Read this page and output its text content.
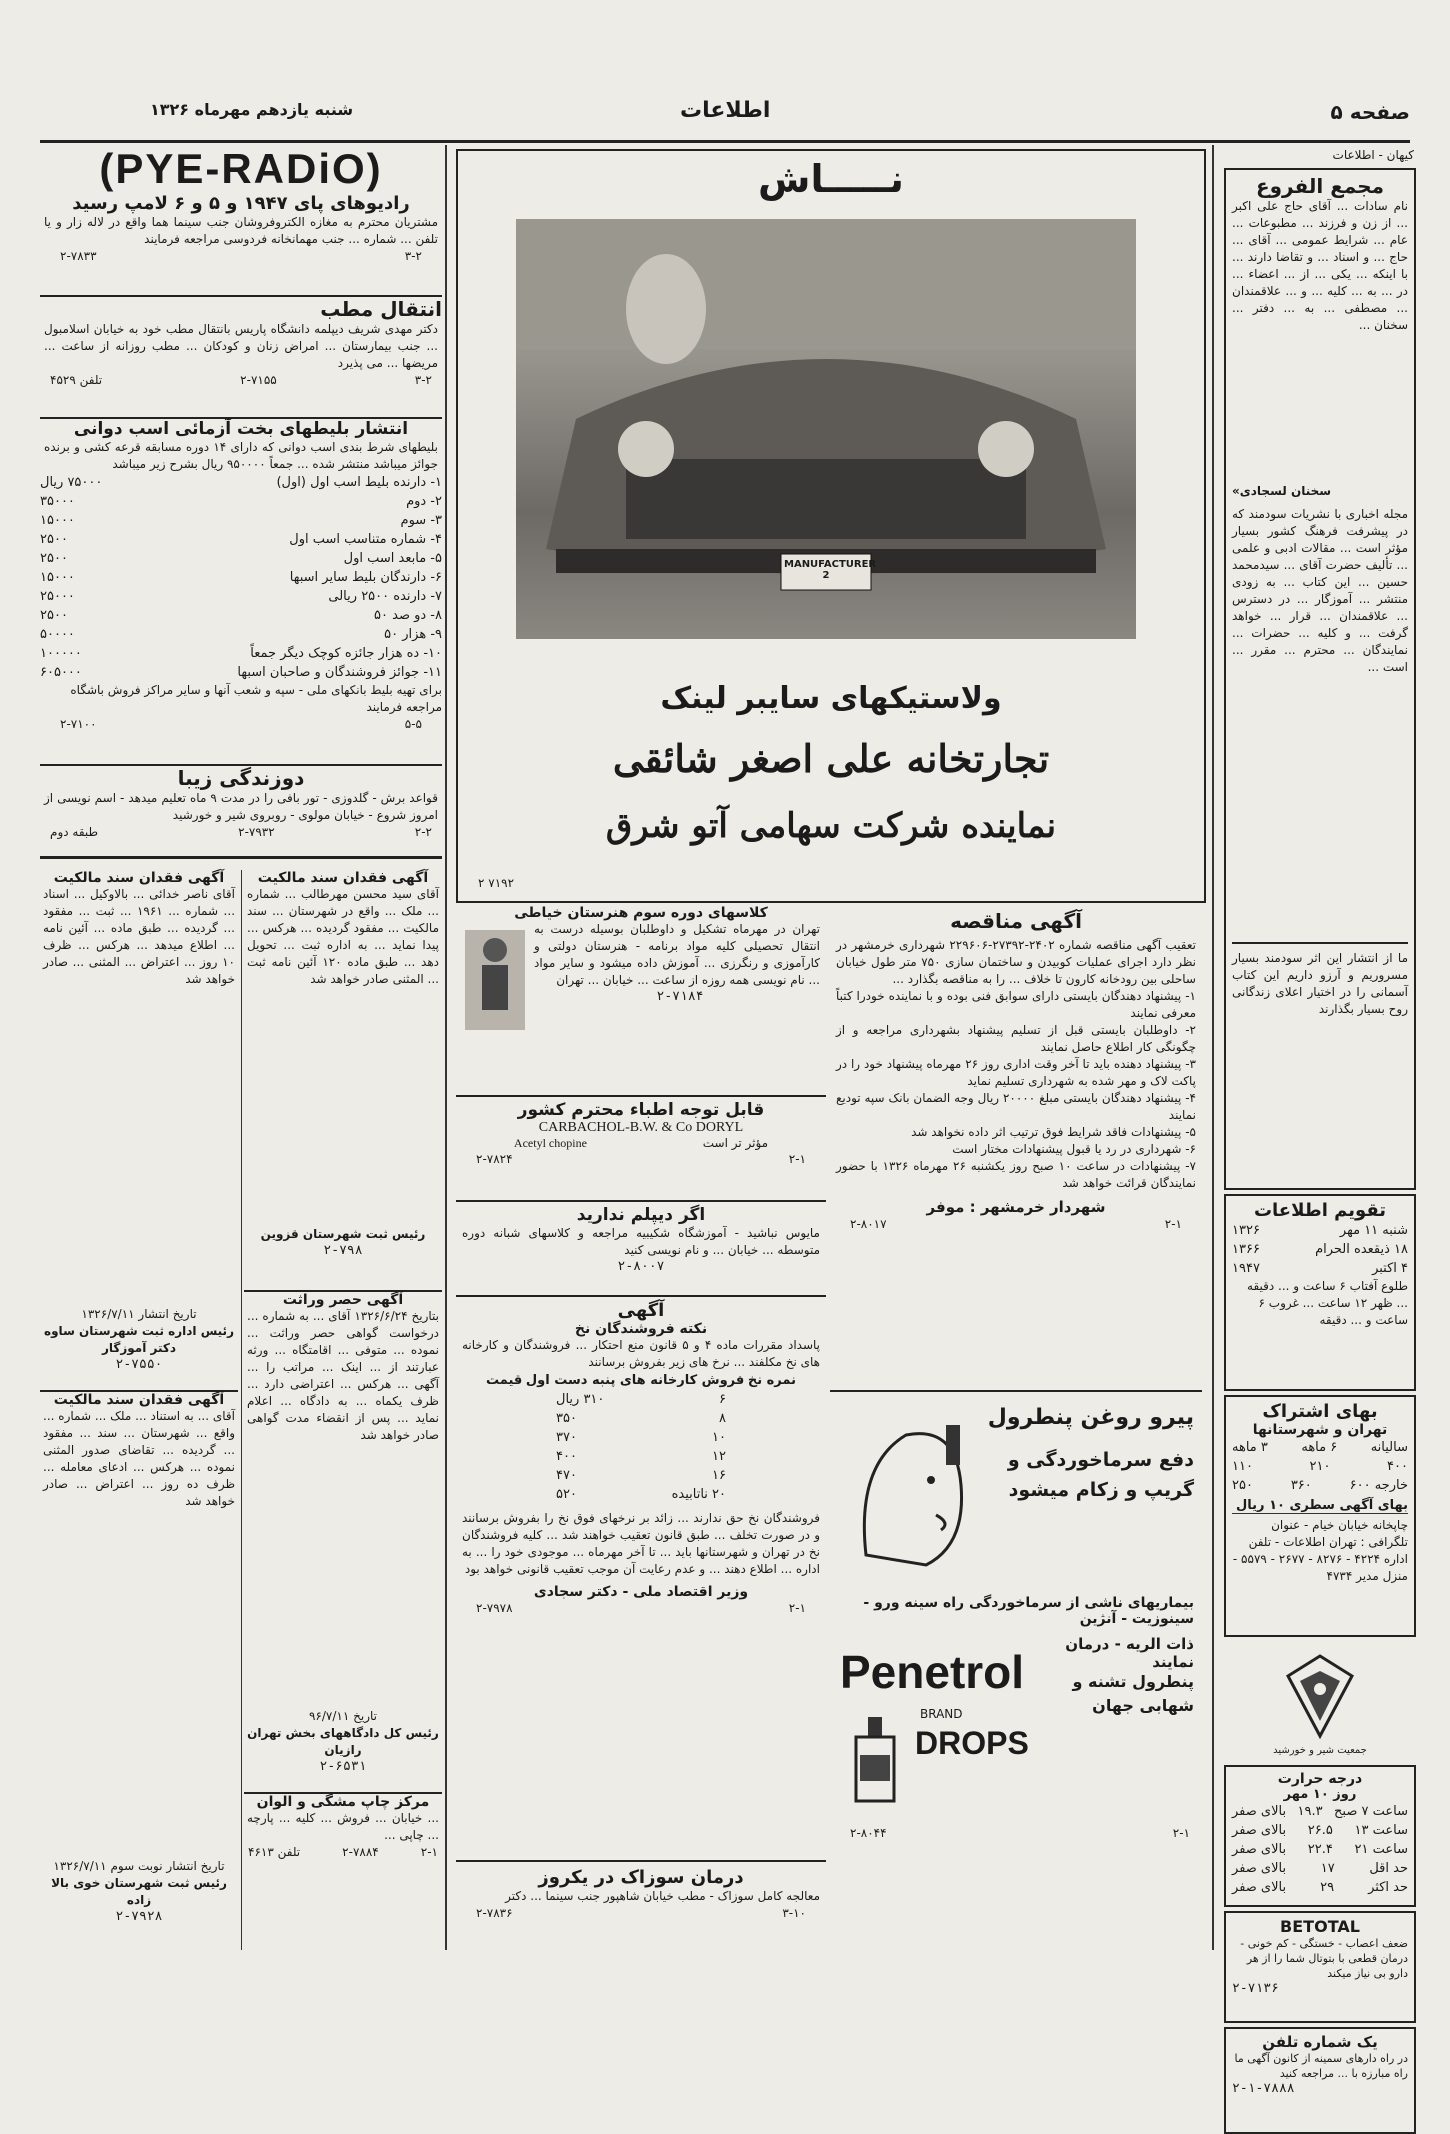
صفحه ۵
اطلاعات
شنبه یازدهم مهرماه ۱۳۲۶
کیهان - اطلاعات
مجمع الفروع
نام سادات ... آقای حاج علی اکبر ... از زن و فرزند ... مطبوعات ... عام ... شرایط عمومی ... آقای ... حاج ... و اسناد ... و تقاضا دارند ... با اینکه ... یکی ... از ... اعضاء ... در ... به ... کلیه ... و ... علاقمندان ... مصطفی ... به ... دفتر ... سخنان ...
سخنان لسجادی»
مجله اخباری با نشریات سودمند که در پیشرفت فرهنگ کشور بسیار مؤثر است ... مقالات ادبی و علمی ... تألیف حضرت آقای ... سیدمحمد حسین ... این کتاب ... به زودی منتشر ... آموزگار ... در دسترس ... علاقمندان ... قرار ... خواهد گرفت ... و کلیه ... حضرات ... نمایندگان ... محترم ... مقرر ... است ...
ما از انتشار این اثر سودمند بسیار مسروریم و آرزو داریم این کتاب آسمانی را در اختیار اعلای زندگانی روح بسیار بگذارند
تقویم اطلاعات
شنبه ۱۱ مهر
۱۳۲۶
۱۸ ذیقعده الحرام
۱۳۶۶
۴ اکتبر
۱۹۴۷
طلوع آفتاب ۶ ساعت و ... دقیقه ... ظهر ۱۲ ساعت ... غروب ۶ ساعت و ... دقیقه
بهای اشتراک
تهران و شهرستانها
سالیانه
۶ ماهه
۳ ماهه
۴۰۰
۲۱۰
۱۱۰
خارجه ۶۰۰
۳۶۰
۲۵۰
بهای آگهی سطری ۱۰ ریال
چاپخانه خیابان خیام - عنوان تلگرافی : تهران اطلاعات - تلفن اداره ۴۲۲۴ - ۸۲۷۶ - ۲۶۷۷ - ۵۵۷۹ - منزل مدیر ۴۷۳۴
جمعیت شیر و خورشید
درجه حرارت
روز ۱۰ مهر
ساعت ۷ صبح
۱۹.۳
بالای صفر
ساعت ۱۳
۲۶.۵
بالای صفر
ساعت ۲۱
۲۲.۴
بالای صفر
حد اقل
۱۷
بالای صفر
حد اکثر
۲۹
بالای صفر
BETOTAL
ضعف اعصاب - خستگی - کم خونی - درمان قطعی با بتوتال شما را از هر دارو بی نیاز میکند
۲-۷۱۳۶
یک شماره تلفن
در راه دارهای سمینه از کانون آگهی ما راه مبارزه با ... مراجعه کنید
۲-۱-۷۸۸۸
نـــــاش
MANUFACTURER 2
ولاستیکهای سایبر لینک
تجارتخانه علی اصغر شائقی
نماینده شرکت سهامی آتو شرق
۲ ۷۱۹۲
آگهی مناقصه
تعقیب آگهی مناقصه شماره ۲۴۰۲-۲۷۳۹۲-۲۲۹۶۰۶ شهرداری خرمشهر در نظر دارد اجرای عملیات کوبیدن و ساختمان سازی ۷۵۰ متر طول خیابان ساحلی بین رودخانه کارون تا خلاف ... را به مناقصه بگذارد ...
۱- پیشنهاد دهندگان بایستی دارای سوابق فنی بوده و با نماینده خودرا کتباً معرفی نمایند
۲- داوطلبان بایستی قبل از تسلیم پیشنهاد بشهرداری مراجعه و از چگونگی کار اطلاع حاصل نمایند
۳- پیشنهاد دهنده باید تا آخر وقت اداری روز ۲۶ مهرماه پیشنهاد خود را در پاکت لاک و مهر شده به شهرداری تسلیم نماید
۴- پیشنهاد دهندگان بایستی مبلغ ۲۰۰۰۰ ریال وجه الضمان بانک سپه تودیع نمایند
۵- پیشنهادات فاقد شرایط فوق ترتیب اثر داده نخواهد شد
۶- شهرداری در رد یا قبول پیشنهادات مختار است
۷- پیشنهادات در ساعت ۱۰ صبح روز یکشنبه ۲۶ مهرماه ۱۳۲۶ با حضور نمایندگان قرائت خواهد شد
شهردار خرمشهر : موفر
۲-۱
۲-۸۰۱۷
کلاسهای دوره سوم هنرستان خیاطی
تهران در مهرماه تشکیل و داوطلبان بوسیله درست به انتقال تحصیلی کلیه مواد برنامه - هنرستان دولتی و کارآموزی و رنگرزی ... آموزش داده میشود و سایر مواد ... نام نویسی همه روزه از ساعت ... خیابان ... تهران
۲-۷۱۸۴
قابل توجه اطباء محترم کشور
CARBACHOL-B.W. & Co DORYL
مؤثر تر است
Acetyl chopine
۲-۱
۲-۷۸۲۴
اگر دیپلم ندارید
مایوس نباشید - آموزشگاه شکیبیه مراجعه و کلاسهای شبانه دوره متوسطه ... خیابان ... و نام نویسی کنید
۲-۸۰۰۷
آگهی
نکته فروشندگان نخ
پاسداد مقررات ماده ۴ و ۵ قانون منع احتکار ... فروشندگان و کارخانه های نخ مکلفند ... نرخ های زیر بفروش برسانند
نمره نخ
فروش کارخانه های پنبه دست اول
قیمت
۶
۳۱۰ ریال
۸
۳۵۰
۱۰
۳۷۰
۱۲
۴۰۰
۱۶
۴۷۰
۲۰ ناتابیده
۵۲۰
فروشندگان نخ حق ندارند ... زائد بر نرخهای فوق نخ را بفروش برسانند و در صورت تخلف ... طبق قانون تعقیب خواهند شد ... کلیه فروشندگان نخ در تهران و شهرستانها باید ... تا آخر مهرماه ... موجودی خود را ... به اداره ... اطلاع دهند ... و عدم رعایت آن موجب تعقیب قانونی خواهد بود
وزیر اقتصاد ملی - دکتر سجادی
۲-۱
۲-۷۹۷۸
پیرو روغن پنطرول
دفع سرماخوردگی و گریپ و زکام میشود
بیماریهای ناشی از سرماخوردگی راه سینه ورو - سینوزیت - آنژین
ذات الریه - درمان نمایند
پنطرول تشنه و شهابی جهان
Penetrol
BRAND
DROPS
۲-۱
۲-۸۰۴۴
درمان سوزاک در یکروز
معالجه کامل سوزاک - مطب خیابان شاهپور جنب سینما ... دکتر
۳-۱۰
۲-۷۸۳۶
(PYE-RADiO)
رادیوهای پای ۱۹۴۷ و ۵ و ۶ لامپ رسید
مشتریان محترم به مغازه الکتروفروشان جنب سینما هما واقع در لاله زار و یا تلفن ... شماره ... جنب مهمانخانه فردوسی مراجعه فرمایند
۳-۲
۲-۷۸۳۳
انتقال مطب
دکتر مهدی شریف دیپلمه دانشگاه پاریس بانتقال مطب خود به خیابان اسلامبول ... جنب بیمارستان ... امراض زنان و کودکان ... مطب روزانه از ساعت ... مریضها ... می پذیرد
۳-۲
۲-۷۱۵۵
تلفن ۴۵۲۹
انتشار بلیطهای بخت آزمائی اسب دوانی
بلیطهای شرط بندی اسب دوانی که دارای ۱۴ دوره مسابقه قرعه کشی و برنده جوائز میباشد منتشر شده ... جمعاً ۹۵۰۰۰۰ ریال بشرح زیر میباشد
۱- دارنده بلیط اسب اول (اول)
۷۵۰۰۰ ریال
۲- دوم
۳۵۰۰۰
۳- سوم
۱۵۰۰۰
۴- شماره متناسب اسب اول
۲۵۰۰
۵- مابعد اسب اول
۲۵۰۰
۶- دارندگان بلیط سایر اسبها
۱۵۰۰۰
۷- دارنده ۲۵۰۰ ریالی
۲۵۰۰۰
۸- دو صد ۵۰
۲۵۰۰
۹- هزار ۵۰
۵۰۰۰۰
۱۰- ده هزار جائزه کوچک دیگر جمعاً
۱۰۰۰۰۰
۱۱- جوائز فروشندگان و صاحبان اسبها
۶۰۵۰۰۰
برای تهیه بلیط بانکهای ملی - سپه و شعب آنها و سایر مراکز فروش باشگاه مراجعه فرمایند
۵-۵
۲-۷۱۰۰
دوزندگی زیبا
قواعد برش - گلدوزی - تور بافی را در مدت ۹ ماه تعلیم میدهد - اسم نویسی از امروز شروع - خیابان مولوی - روبروی شیر و خورشید
۲-۲
۲-۷۹۳۲
طبقه دوم
آگهی فقدان سند مالکیت
آقای سید محسن مهرطالب ... شماره ... ملک ... واقع در شهرستان ... سند مالکیت ... مفقود گردیده ... هرکس ... پیدا نماید ... به اداره ثبت ... تحویل دهد ... طبق ماده ۱۲۰ آئین نامه ثبت ... المثنی صادر خواهد شد
رئیس ثبت شهرستان قزوین
۲-۷۹۸
آگهی حصر وراثت
بتاریخ ۱۳۲۶/۶/۲۴ آقای ... به شماره ... درخواست گواهی حصر وراثت ... نموده ... متوفی ... اقامتگاه ... ورثه عبارتند از ... اینک ... مراتب را ... آگهی ... هرکس ... اعتراضی دارد ... ظرف یکماه ... به دادگاه ... اعلام نماید ... پس از انقضاء مدت گواهی صادر خواهد شد
تاریخ ۹۶/۷/۱۱
رئیس کل دادگاههای بخش تهران رازیان
۲-۶۵۳۱
مرکز چاپ مشگی و الوان
... خیابان ... فروش ... کلیه ... پارچه ... چاپی ...
۲-۱
۲-۷۸۸۴
تلفن ۴۶۱۳
آگهی فقدان سند مالکیت
آقای ناصر خدائی ... بالاوکیل ... اسناد ... شماره ... ۱۹۶۱ ... ثبت ... مفقود ... گردیده ... طبق ماده ... آئین نامه ... اطلاع میدهد ... هرکس ... ظرف ۱۰ روز ... اعتراض ... المثنی ... صادر خواهد شد
تاریخ انتشار ۱۳۲۶/۷/۱۱
رئیس اداره ثبت شهرستان ساوه دکتر آموزگار
۲-۷۵۵۰
آگهی فقدان سند مالکیت
آقای ... به استناد ... ملک ... شماره ... واقع ... شهرستان ... سند ... مفقود ... گردیده ... تقاضای صدور المثنی نموده ... هرکس ... ادعای معامله ... ظرف ده روز ... اعتراض ... صادر خواهد شد
تاریخ انتشار نوبت سوم ۱۳۲۶/۷/۱۱
رئیس ثبت شهرستان خوی بالا زاده
۲-۷۹۲۸
